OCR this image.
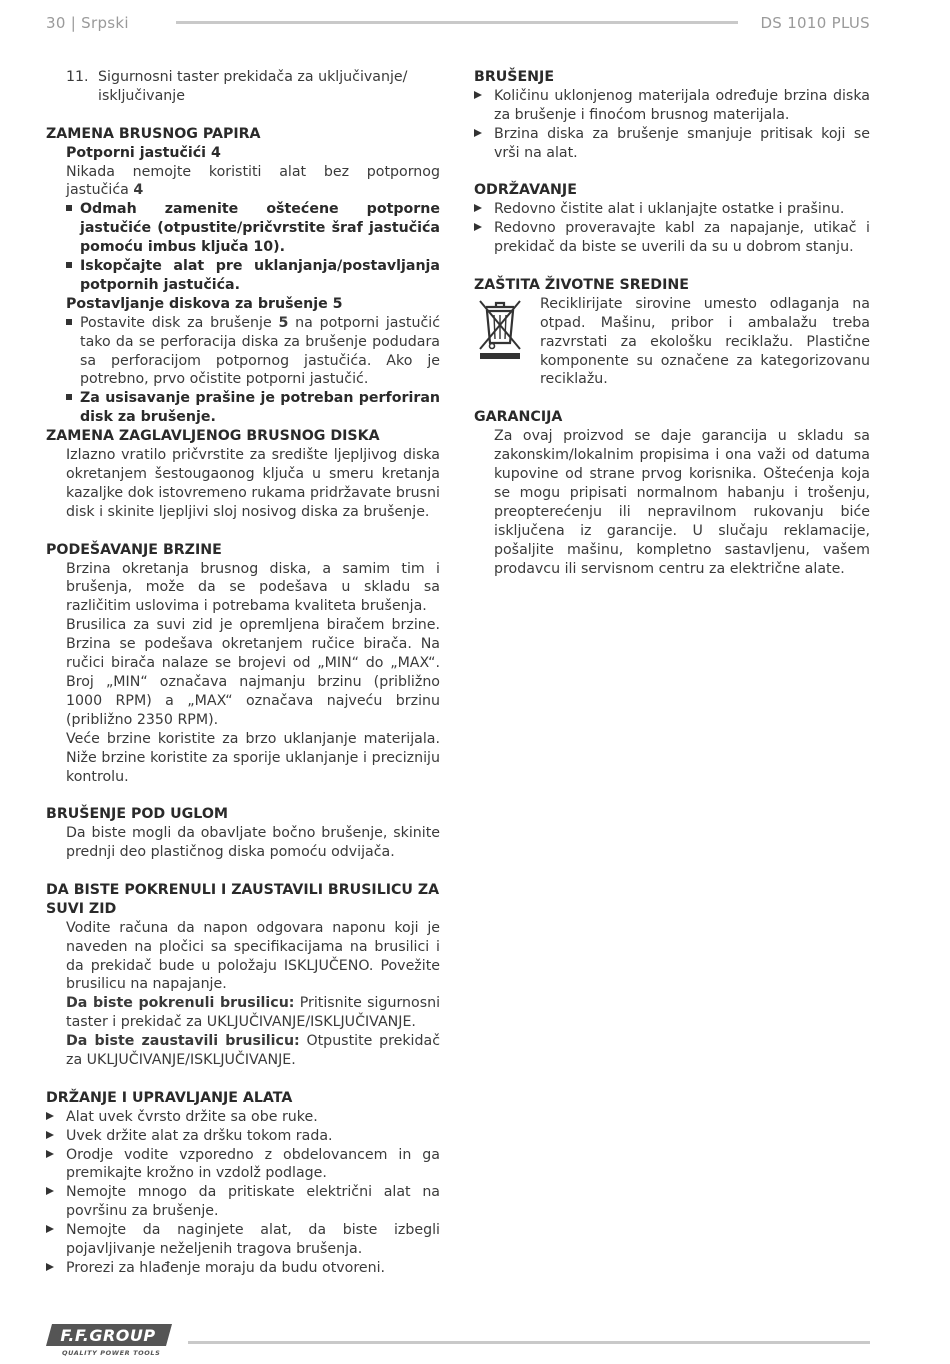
30 | Srpski	DS 1010 PLUS
11. Sigurnosni taster prekidača za uključivanje/ isključivanje
ZAMENA BRUSNOG PAPIRA
Potporni jastučići 4
Nikada nemojte koristiti alat bez potpornog jastučića 4
Odmah zamenite oštećene potporne jastučiće (otpustite/pričvrstite šraf jastučića pomoću imbus ključa 10).
Iskopčajte alat pre uklanjanja/postavljanja potpornih jastučića.
Postavljanje diskova za brušenje 5
Postavite disk za brušenje 5 na potporni jastučić tako da se perforacija diska za brušenje podudara sa perforacijom potpornog jastučića. Ako je potrebno, prvo očistite potporni jastučić.
Za usisavanje prašine je potreban perforiran disk za brušenje.
ZAMENA ZAGLAVLJENOG BRUSNOG DISKA
Izlazno vratilo pričvrstite za središte ljepljivog diska okretanjem šestougaonog ključa u smeru kretanja kazaljke dok istovremeno rukama pridržavate brusni disk i skinite ljepljivi sloj nosivog diska za brušenje.
PODEŠAVANJE BRZINE
Brzina okretanja brusnog diska, a samim tim i brušenja, može da se podešava u skladu sa različitim uslovima i potrebama kvaliteta brušenja.
Brusilica za suvi zid je opremljena biračem brzine. Brzina se podešava okretanjem ručice birača. Na ručici birača nalaze se brojevi od „MIN“ do „MAX“. Broj „MIN“ označava najmanju brzinu (približno 1000 RPM) a „MAX“ označava najveću brzinu (približno 2350 RPM).
Veće brzine koristite za brzo uklanjanje materijala. Niže brzine koristite za sporije uklanjanje i precizniju kontrolu.
BRUŠENJE POD UGLOM
Da biste mogli da obavljate bočno brušenje, skinite prednji deo plastičnog diska pomoću odvijača.
DA BISTE POKRENULI I ZAUSTAVILI BRUSILICU ZA SUVI ZID
Vodite računa da napon odgovara naponu koji je naveden na pločici sa specifikacijama na brusilici i da prekidač bude u položaju ISKLJUČENO. Povežite brusilicu na napajanje.
Da biste pokrenuli brusilicu: Pritisnite sigurnosni taster i prekidač za UKLJUČIVANJE/ISKLJUČIVANJE.
Da biste zaustavili brusilicu: Otpustite prekidač za UKLJUČIVANJE/ISKLJUČIVANJE.
DRŽANJE I UPRAVLJANJE ALATA
Alat uvek čvrsto držite sa obe ruke.
Uvek držite alat za dršku tokom rada.
Orodje vodite vzporedno z obdelovancem in ga premikajte krožno in vzdolž podlage.
Nemojte mnogo da pritiskate električni alat na površinu za brušenje.
Nemojte da naginjete alat, da biste izbegli pojavljivanje neželjenih tragova brušenja.
Prorezi za hlađenje moraju da budu otvoreni.
BRUŠENJE
Količinu uklonjenog materijala određuje brzina diska za brušenje i finoćom brusnog materijala.
Brzina diska za brušenje smanjuje pritisak koji se vrši na alat.
ODRŽAVANJE
Redovno čistite alat i uklanjajte ostatke i prašinu.
Redovno proveravajte kabl za napajanje, utikač i prekidač da biste se uverili da su u dobrom stanju.
ZAŠTITA ŽIVOTNE SREDINE
Reciklirijate sirovine umesto odlaganja na otpad. Mašinu, pribor i ambalažu treba razvrstati za ekološku reciklažu. Plastične komponente su označene za kategorizovanu reciklažu.
GARANCIJA
Za ovaj proizvod se daje garancija u skladu sa zakonskim/lokalnim propisima i ona važi od datuma kupovine od strane prvog korisnika. Oštećenja koja se mogu pripisati normalnom habanju i trošenju, preopterećenju ili nepravilnom rukovanju biće isključena iz garancije. U slučaju reklamacije, pošaljite mašinu, kompletno sastavljenu, vašem prodavcu ili servisnom centru za električne alate.
F.F.GROUP
QUALITY POWER TOOLS
